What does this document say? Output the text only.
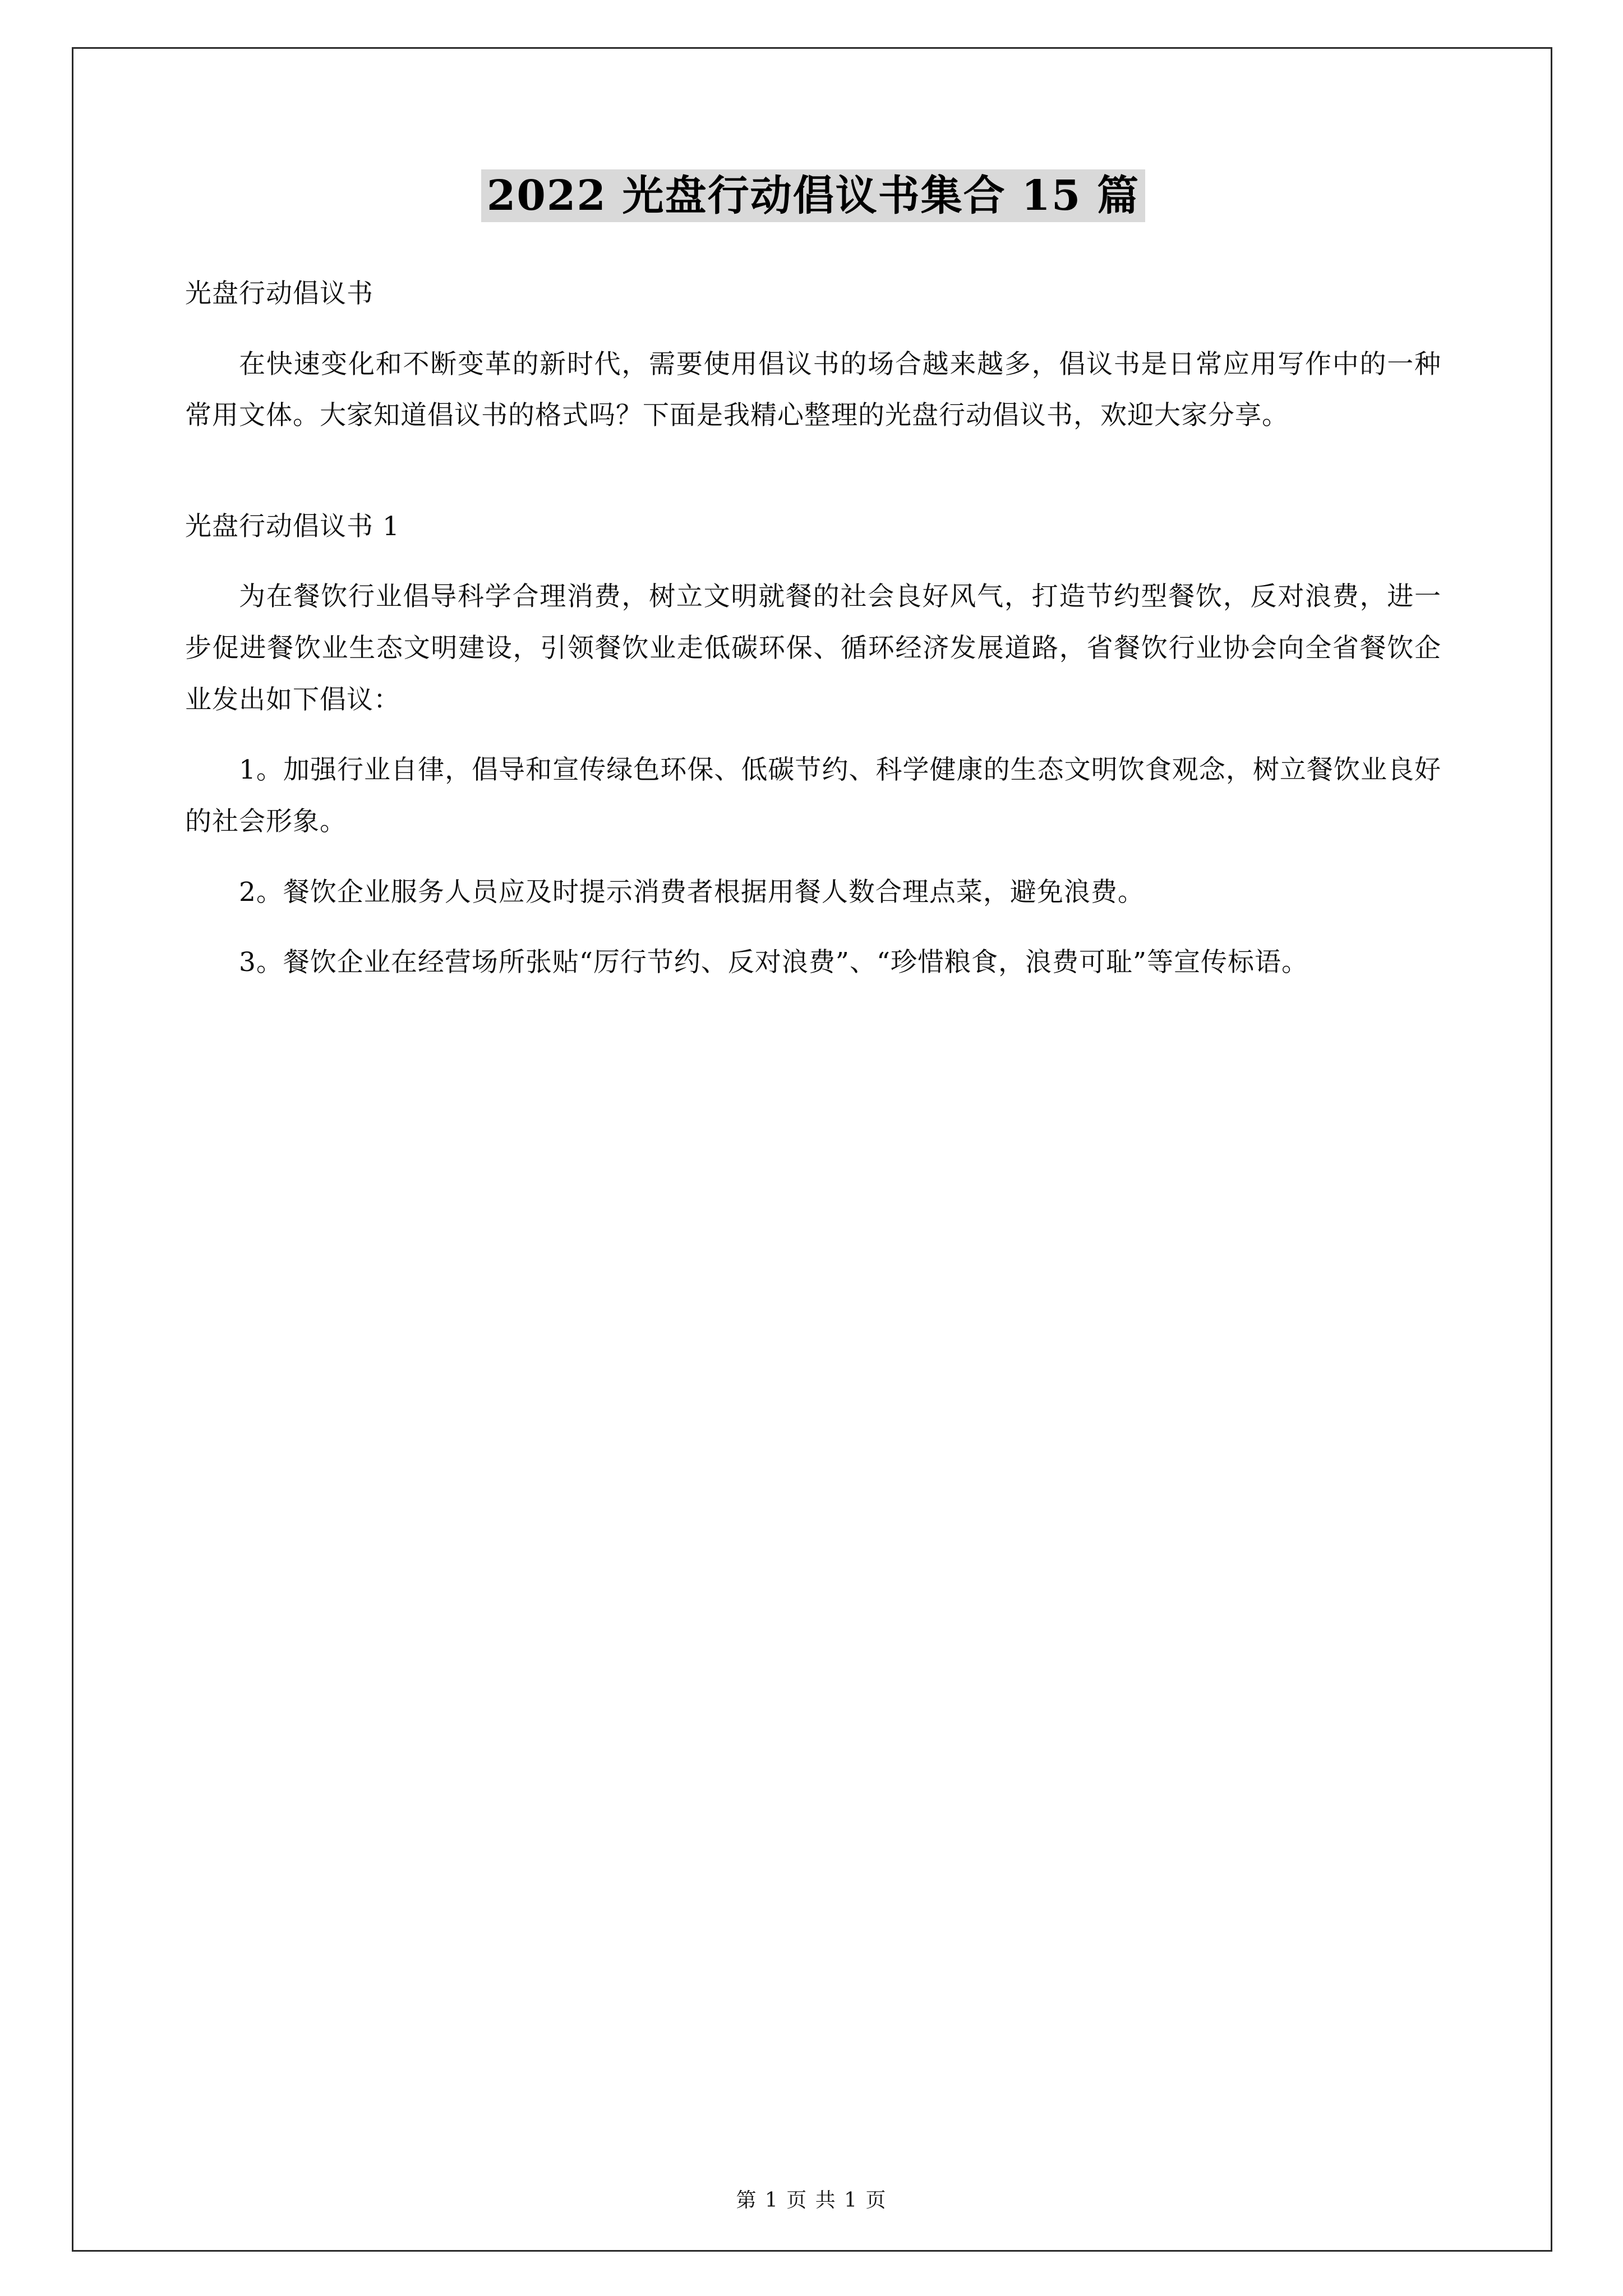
2022 光盘行动倡议书集合 15 篇

光盘行动倡议书

在快速变化和不断变革的新时代，需要使用倡议书的场合越来越多，倡议书是日常应用写作中的一种常用文体。大家知道倡议书的格式吗？下面是我精心整理的光盘行动倡议书，欢迎大家分享。

光盘行动倡议书 1

为在餐饮行业倡导科学合理消费，树立文明就餐的社会良好风气，打造节约型餐饮，反对浪费，进一步促进餐饮业生态文明建设，引领餐饮业走低碳环保、循环经济发展道路，省餐饮行业协会向全省餐饮企业发出如下倡议：

1。加强行业自律，倡导和宣传绿色环保、低碳节约、科学健康的生态文明饮食观念，树立餐饮业良好的社会形象。

2。餐饮企业服务人员应及时提示消费者根据用餐人数合理点菜，避免浪费。

3。餐饮企业在经营场所张贴“厉行节约、反对浪费”、“珍惜粮食，浪费可耻”等宣传标语。

第 1 页 共 1 页
